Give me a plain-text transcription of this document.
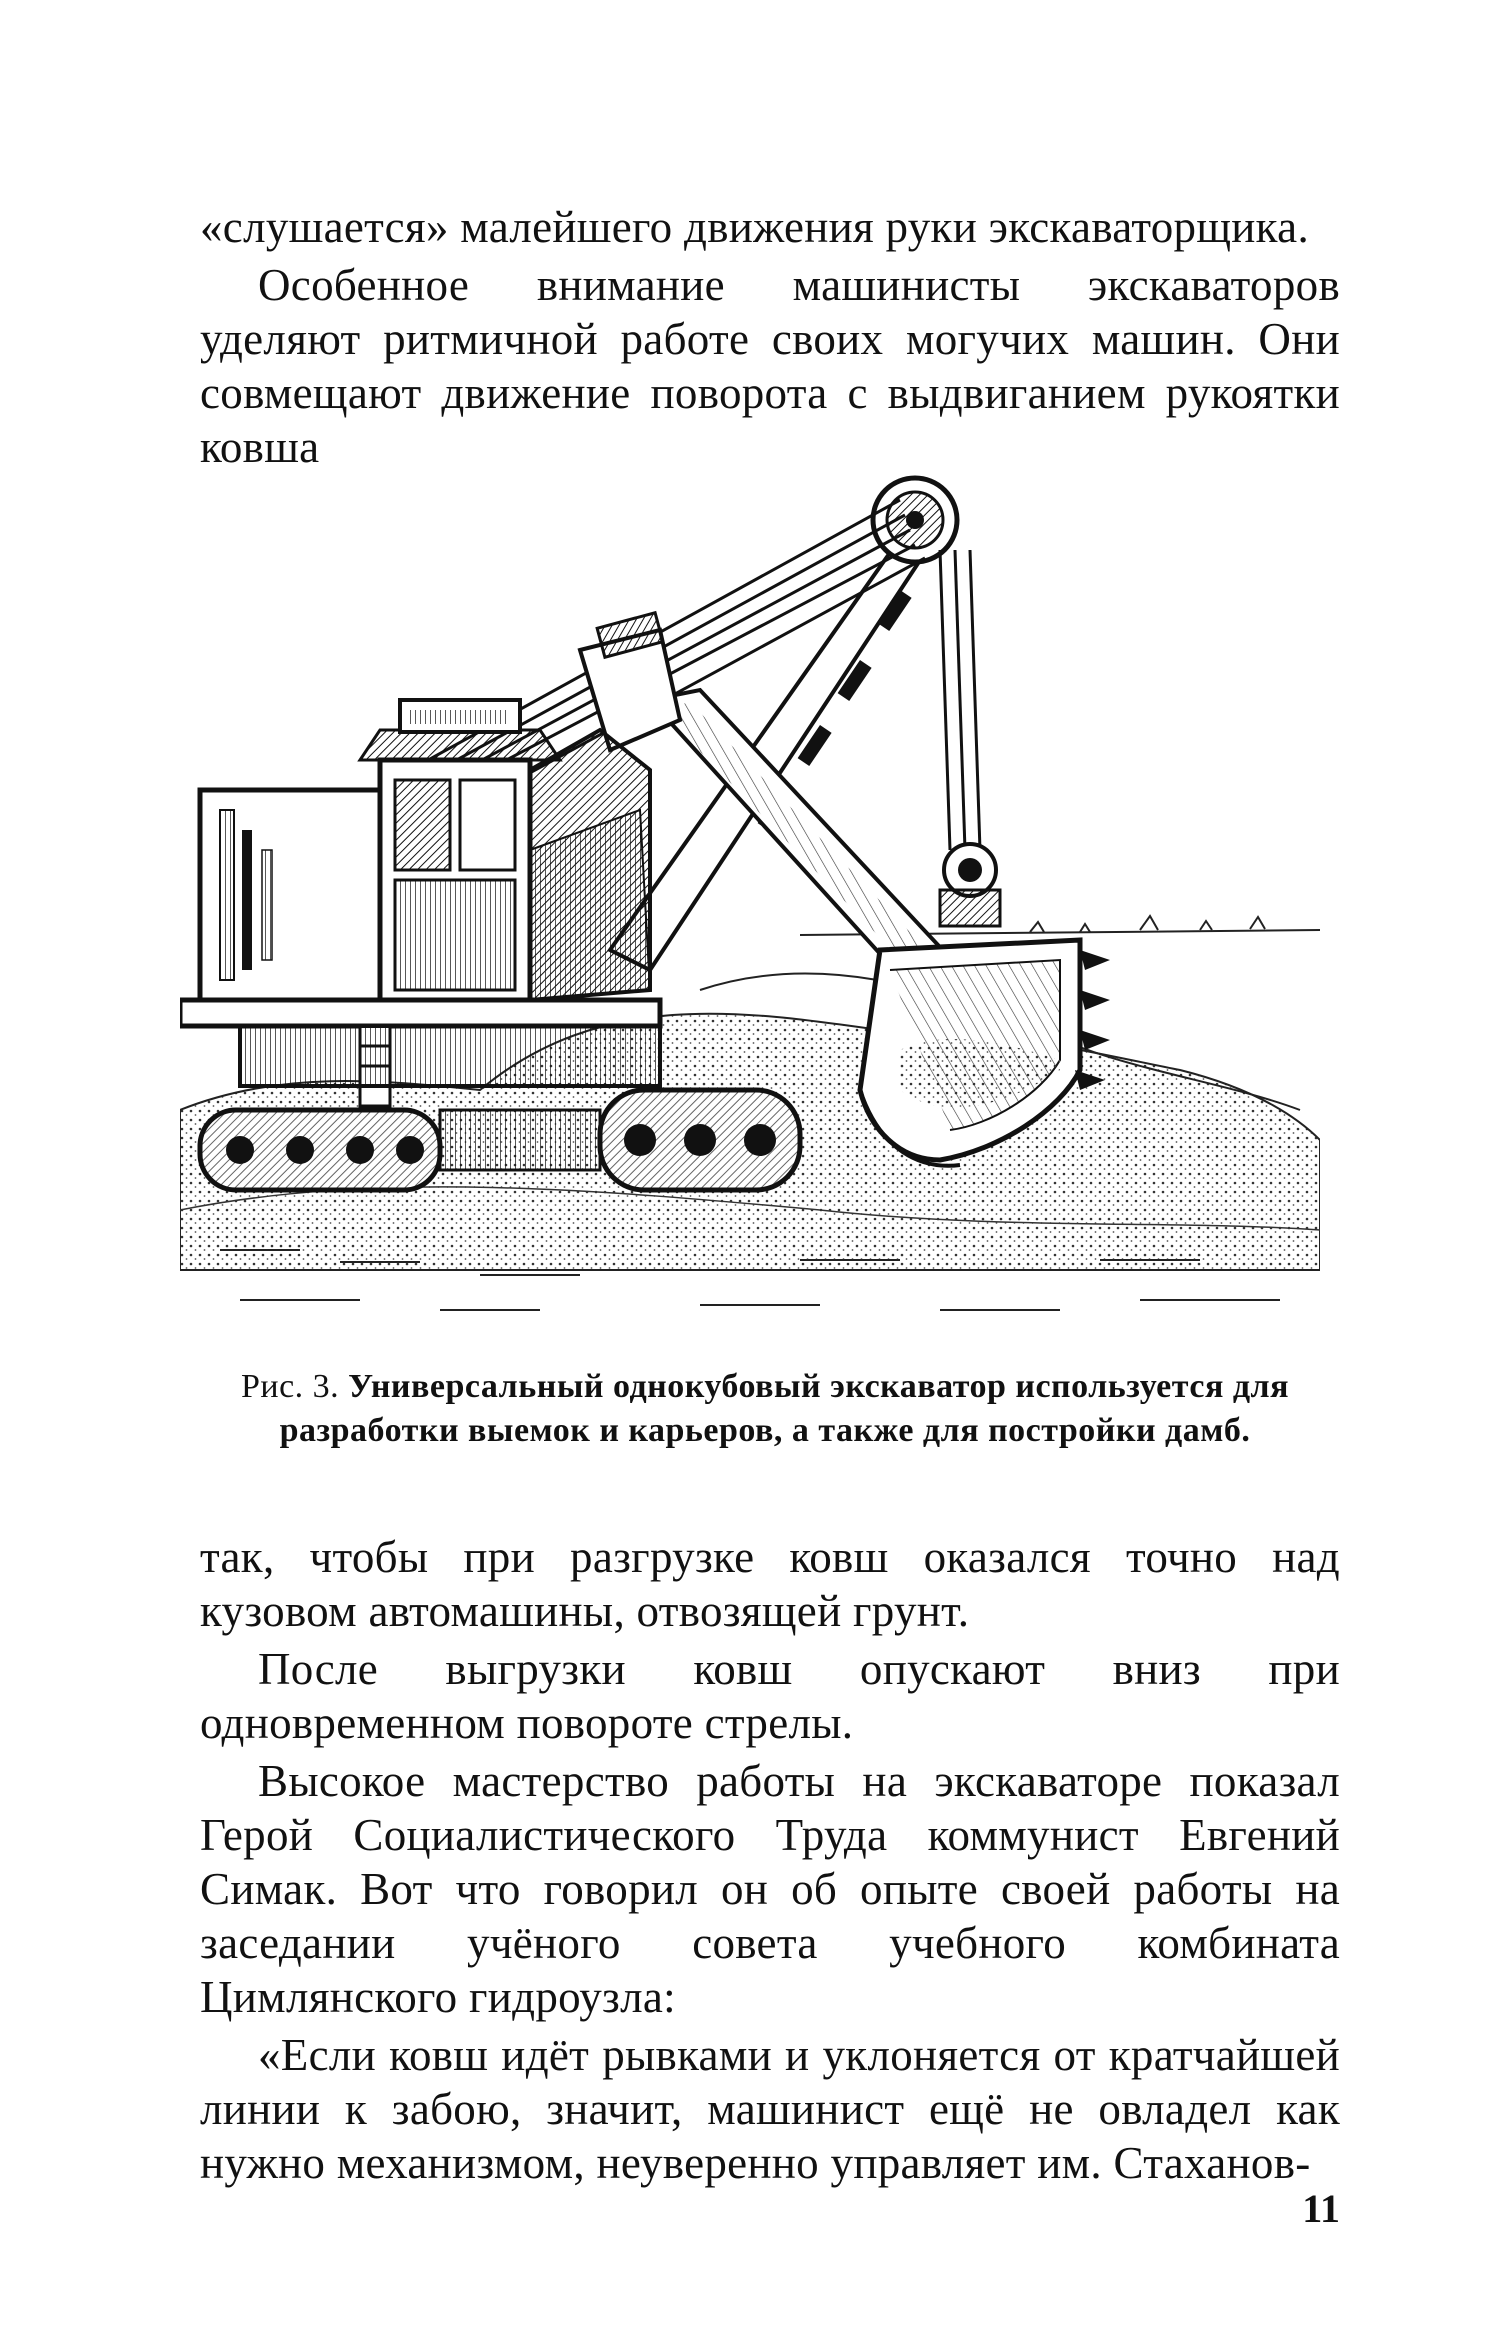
«слушается» малейшего движения руки экскаваторщика.

Особенное внимание машинисты экскаваторов уделяют ритмичной работе своих могучих машин. Они совмещают движение поворота с выдвиганием рукоятки ковша

Рис. 3. Универсальный однокубовый экскаватор используется для разработки выемок и карьеров, а также для постройки дамб.

так, чтобы при разгрузке ковш оказался точно над кузовом автомашины, отвозящей грунт.

После выгрузки ковш опускают вниз при одновременном повороте стрелы.

Высокое мастерство работы на экскаваторе показал Герой Социалистического Труда коммунист Евгений Симак. Вот что говорил он об опыте своей работы на заседании учёного совета учебного комбината Цимлянского гидроузла:

«Если ковш идёт рывками и уклоняется от кратчайшей линии к забою, значит, машинист ещё не овладел как нужно механизмом, неуверенно управляет им. Стаханов‑

11
